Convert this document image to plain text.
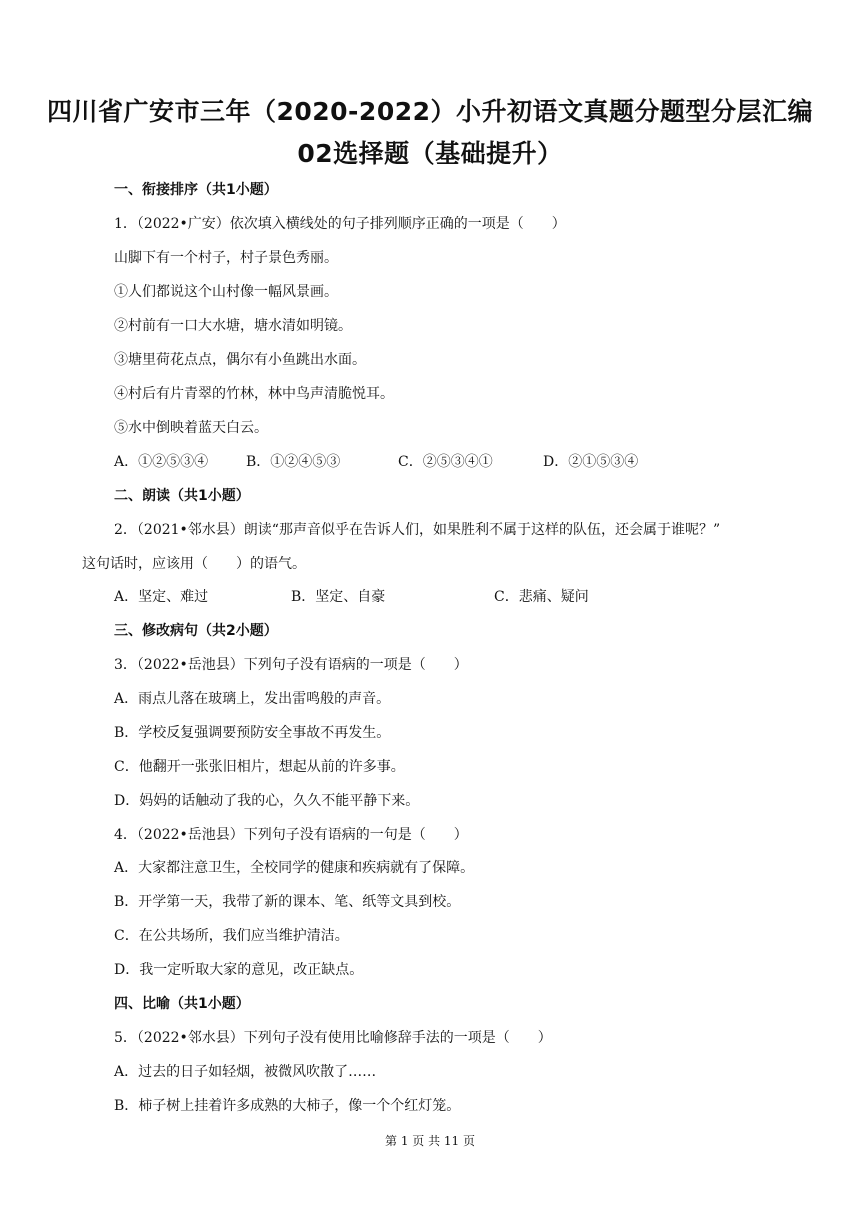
四川省广安市三年（2020-2022）小升初语文真题分题型分层汇编
02选择题（基础提升）
一、衔接排序（共1小题）
1．（2022•广安）依次填入横线处的句子排列顺序正确的一项是（　　）
山脚下有一个村子，村子景色秀丽。
①人们都说这个山村像一幅风景画。
②村前有一口大水塘，塘水清如明镜。
③塘里荷花点点，偶尔有小鱼跳出水面。
④村后有片青翠的竹林，林中鸟声清脆悦耳。
⑤水中倒映着蓝天白云。
A．①②⑤③④	B．①②④⑤③	C．②⑤③④①	D．②①⑤③④
二、朗读（共1小题）
2．（2021•邻水县）朗读“那声音似乎在告诉人们，如果胜利不属于这样的队伍，还会属于谁呢？”
这句话时，应该用（　　）的语气。
A．坚定、难过	B．坚定、自豪	C．悲痛、疑问
三、修改病句（共2小题）
3．（2022•岳池县）下列句子没有语病的一项是（　　）
A．雨点儿落在玻璃上，发出雷鸣般的声音。
B．学校反复强调要预防安全事故不再发生。
C．他翻开一张张旧相片，想起从前的许多事。
D．妈妈的话触动了我的心，久久不能平静下来。
4．（2022•岳池县）下列句子没有语病的一句是（　　）
A．大家都注意卫生，全校同学的健康和疾病就有了保障。
B．开学第一天，我带了新的课本、笔、纸等文具到校。
C．在公共场所，我们应当维护清洁。
D．我一定听取大家的意见，改正缺点。
四、比喻（共1小题）
5．（2022•邻水县）下列句子没有使用比喻修辞手法的一项是（　　）
A．过去的日子如轻烟，被微风吹散了……
B．柿子树上挂着许多成熟的大柿子，像一个个红灯笼。
第 1 页 共 11 页
